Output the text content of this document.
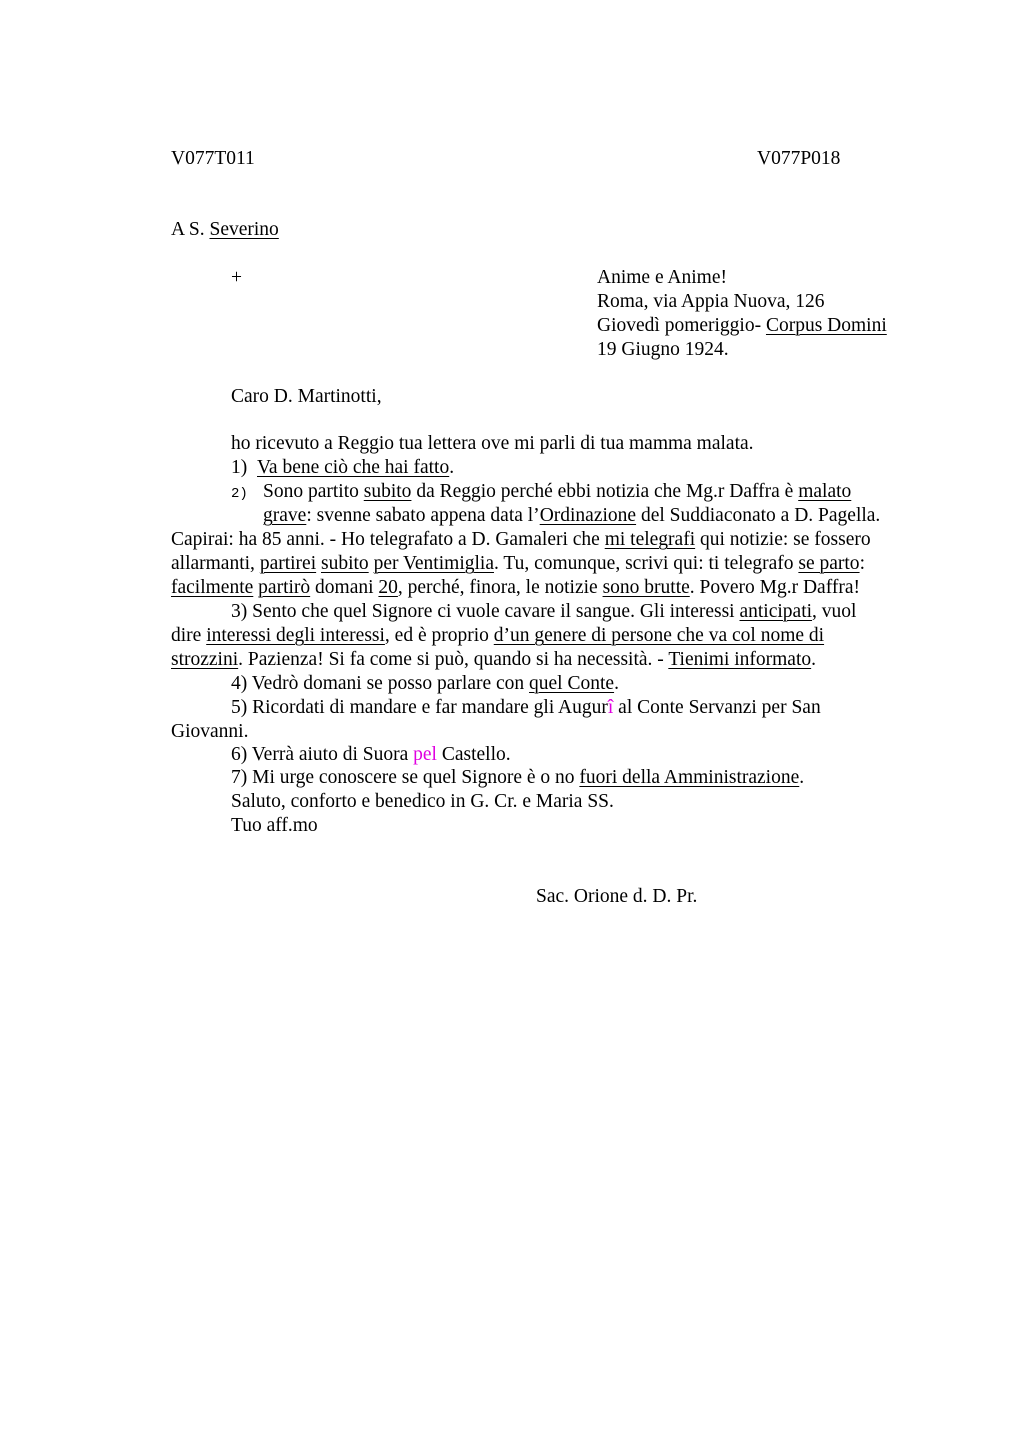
V077T011	V077P018
A S. Severino
+	Anime e Anime!
Roma, via Appia Nuova, 126
Giovedì pomeriggio- Corpus Domini
19 Giugno 1924.
Caro D. Martinotti,
ho ricevuto a Reggio tua lettera ove mi parli di tua mamma malata.
1) Va bene ciò che hai fatto.
2) Sono partito subito da Reggio perché ebbi notizia che Mg.r Daffra è malato
grave: svenne sabato appena data l’Ordinazione del Suddiaconato a D. Pagella.
Capirai: ha 85 anni. - Ho telegrafato a D. Gamaleri che mi telegrafi qui notizie: se fossero
allarmanti, partirei subito per Ventimiglia. Tu, comunque, scrivi qui: ti telegrafo se parto:
facilmente partirò domani 20, perché, finora, le notizie sono brutte. Povero Mg.r Daffra!
3) Sento che quel Signore ci vuole cavare il sangue. Gli interessi anticipati, vuol
dire interessi degli interessi, ed è proprio d’un genere di persone che va col nome di
strozzini. Pazienza! Si fa come si può, quando si ha necessità. - Tienimi informato.
4) Vedrò domani se posso parlare con quel Conte.
5) Ricordati di mandare e far mandare gli Augurî al Conte Servanzi per San
Giovanni.
6) Verrà aiuto di Suora pel Castello.
7) Mi urge conoscere se quel Signore è o no fuori della Amministrazione.
Saluto, conforto e benedico in G. Cr. e Maria SS.
Tuo aff.mo
Sac. Orione d. D. Pr.
